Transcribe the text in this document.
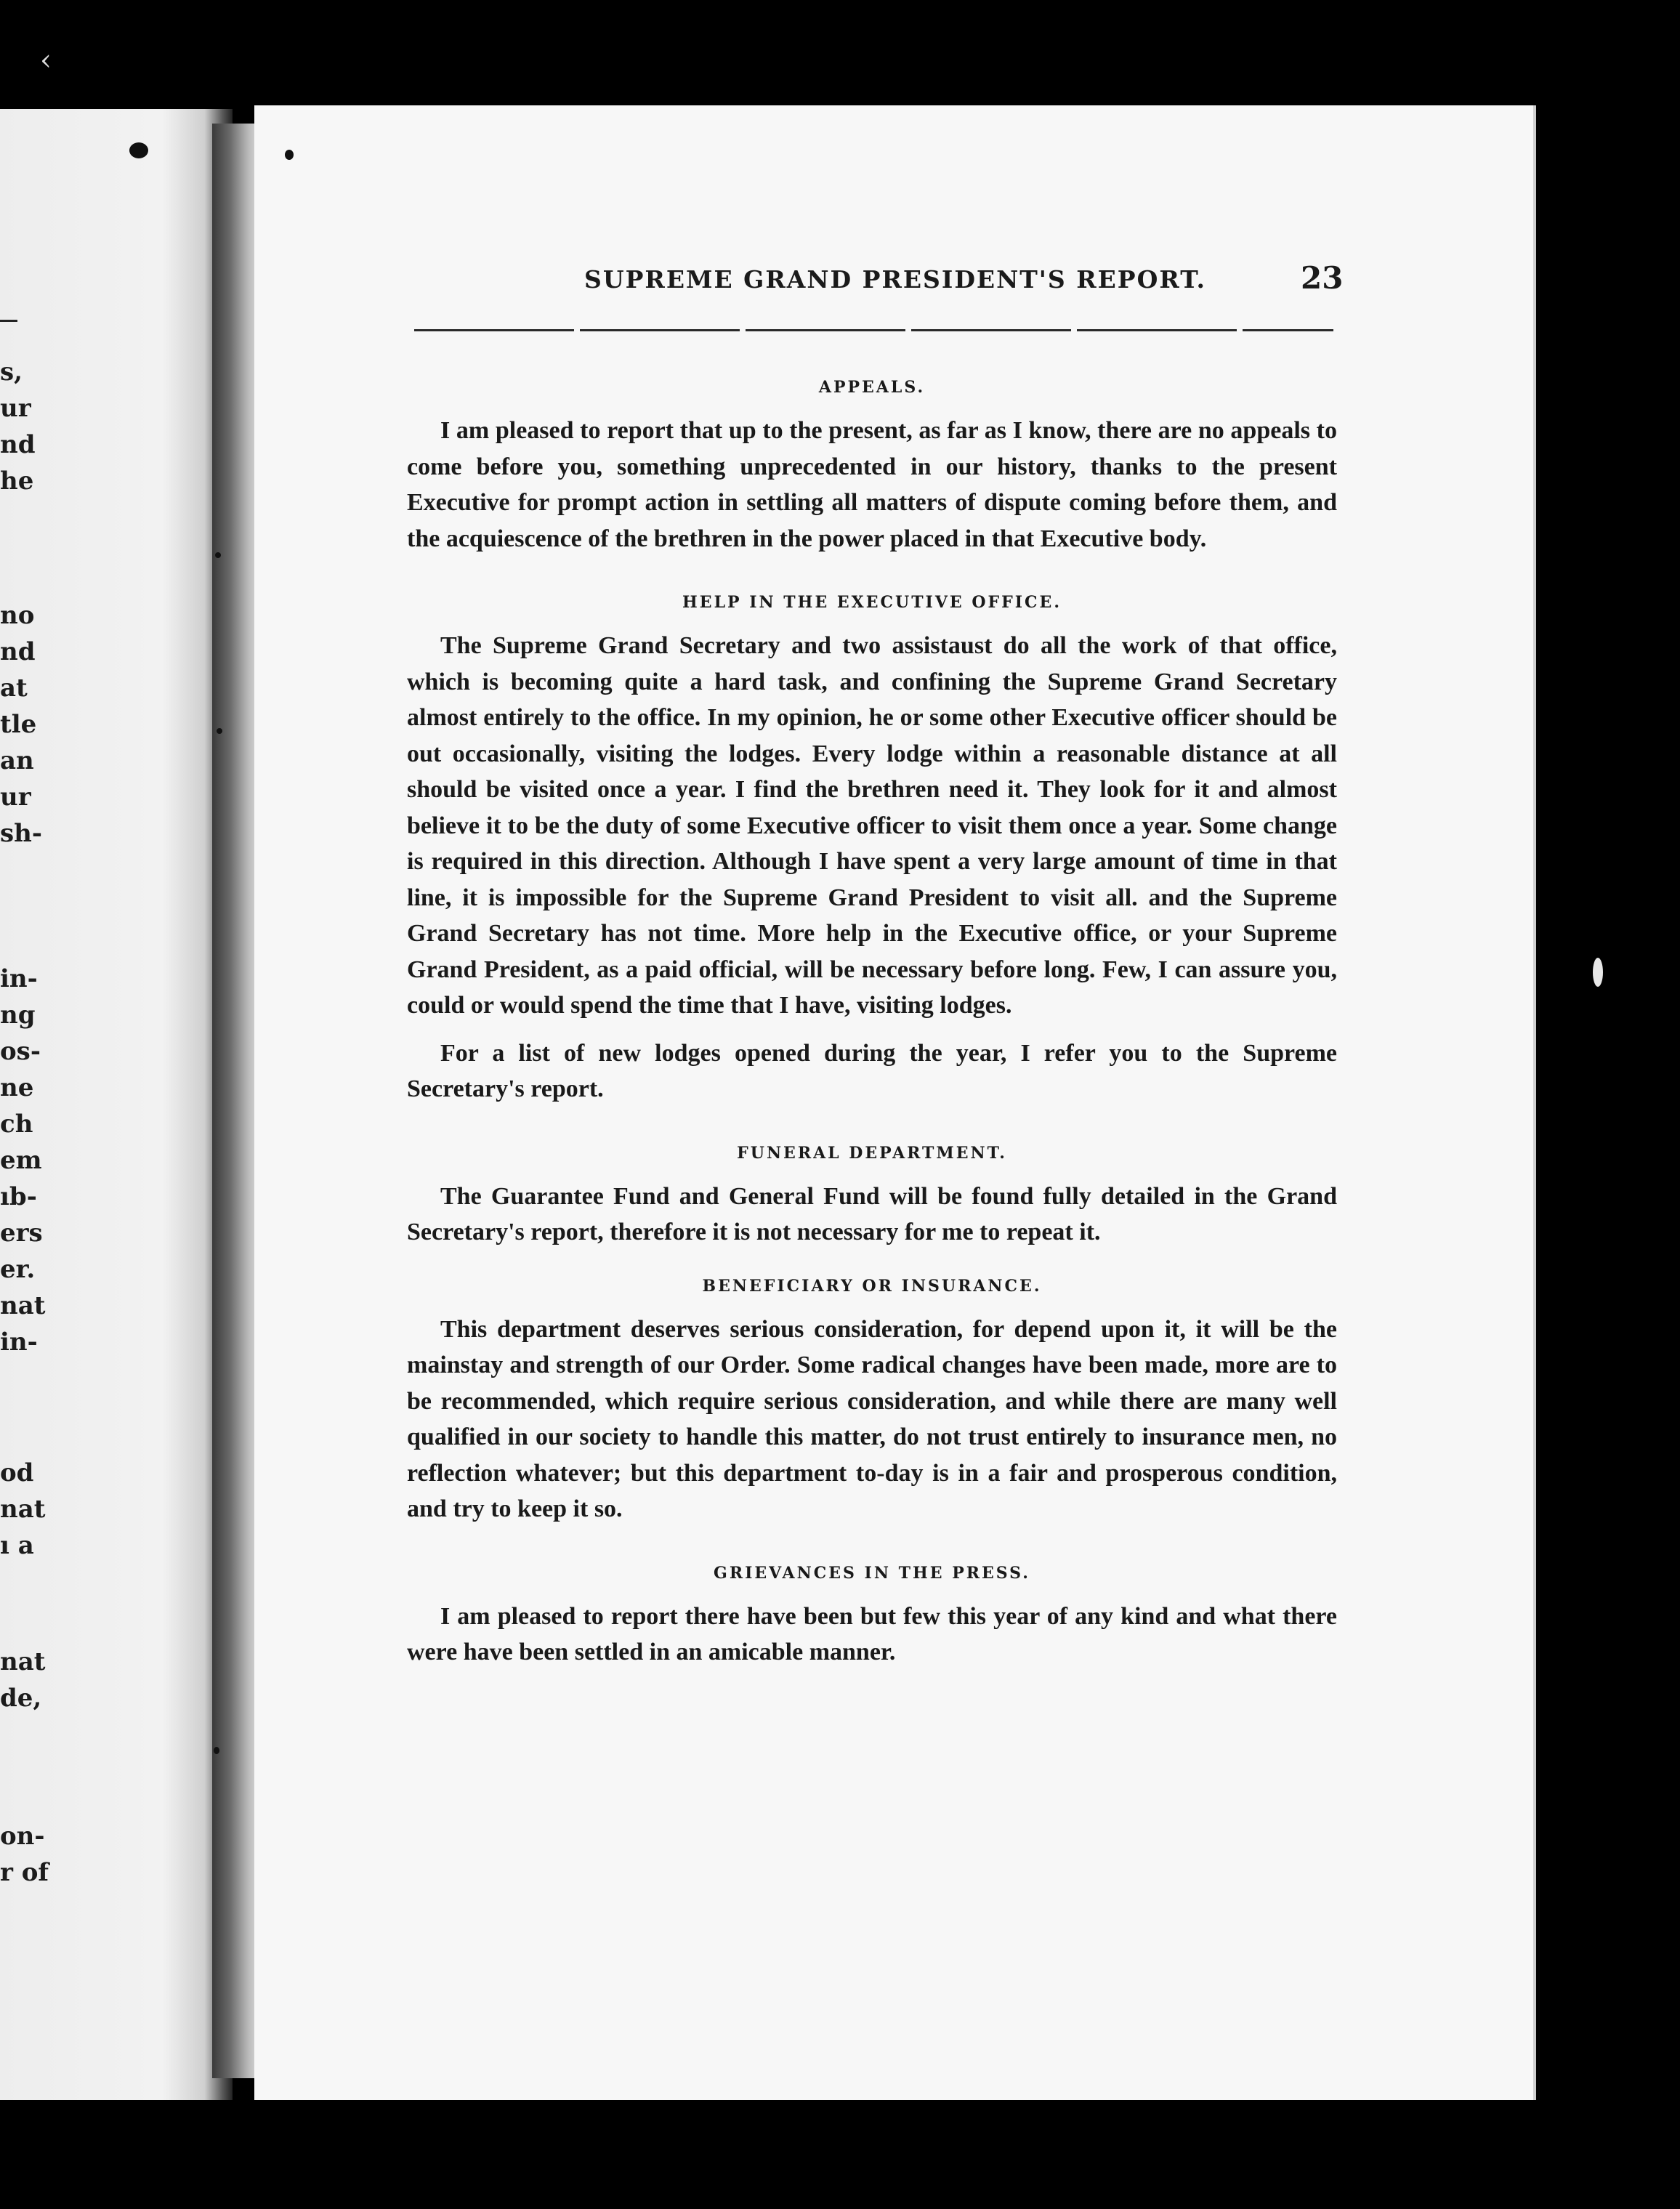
s,
ur
nd
he
no
nd
at
tle
an
ur
sh-
in-
ng
os-
ne
ch
em
ıb-
ers
er.
nat
in-
od
nat
ı a
nat
de,
on-
r of
‹
SUPREME GRAND PRESIDENT'S REPORT.	23
APPEALS.

I am pleased to report that up to the present, as far as I know, there are no appeals to come before you, something unprecedented in our history, thanks to the present Executive for prompt action in settling all matters of dispute coming before them, and the acquiescence of the brethren in the power placed in that Executive body.

HELP IN THE EXECUTIVE OFFICE.

The Supreme Grand Secretary and two assistaust do all the work of that office, which is becoming quite a hard task, and confining the Supreme Grand Secretary almost entirely to the office. In my opinion, he or some other Executive officer should be out occasionally, visiting the lodges. Every lodge within a reasonable distance at all should be visited once a year. I find the brethren need it. They look for it and almost believe it to be the duty of some Executive officer to visit them once a year. Some change is required in this direction. Although I have spent a very large amount of time in that line, it is impossible for the Supreme Grand President to visit all. and the Supreme Grand Secretary has not time. More help in the Executive office, or your Supreme Grand President, as a paid official, will be necessary before long. Few, I can assure you, could or would spend the time that I have, visiting lodges.

For a list of new lodges opened during the year, I refer you to the Supreme Secretary's report.

FUNERAL DEPARTMENT.

The Guarantee Fund and General Fund will be found fully detailed in the Grand Secretary's report, therefore it is not necessary for me to repeat it.

BENEFICIARY OR INSURANCE.

This department deserves serious consideration, for depend upon it, it will be the mainstay and strength of our Order. Some radical changes have been made, more are to be recommended, which require serious consideration, and while there are many well qualified in our society to handle this matter, do not trust entirely to insurance men, no reflection whatever; but this department to-day is in a fair and prosperous condition, and try to keep it so.

GRIEVANCES IN THE PRESS.

I am pleased to report there have been but few this year of any kind and what there were have been settled in an amicable manner.
